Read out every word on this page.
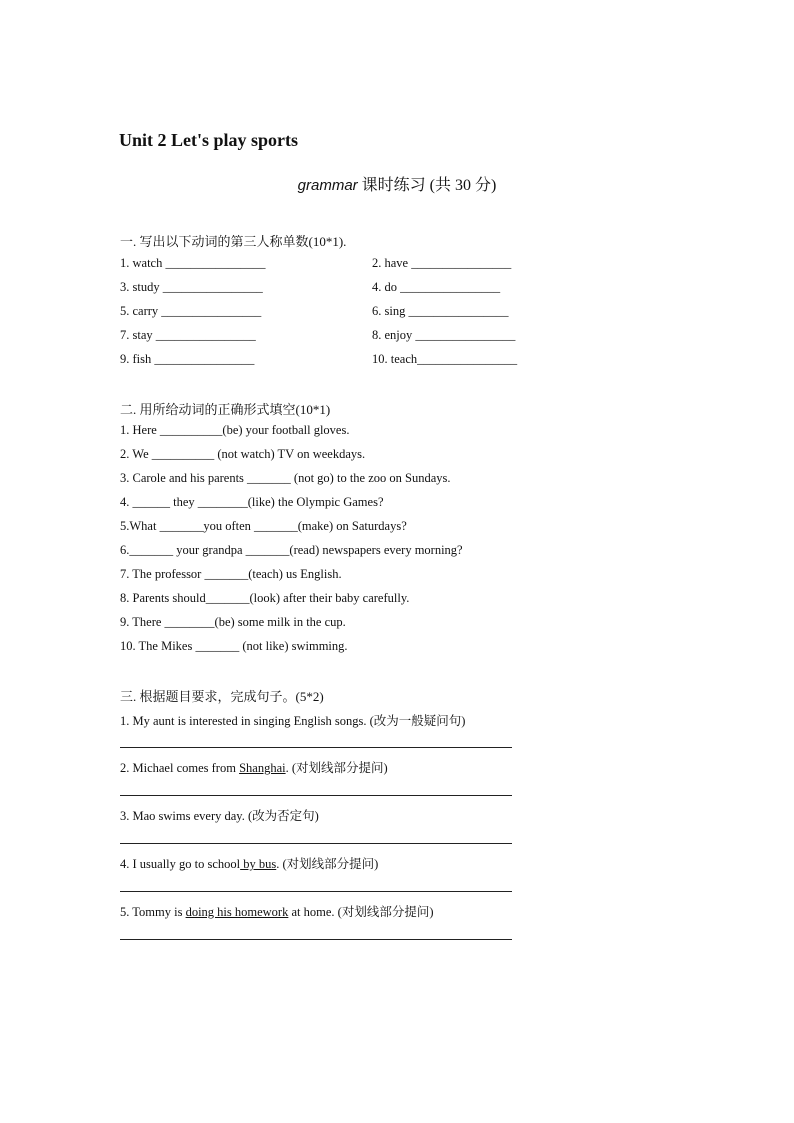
Unit 2 Let's play sports
grammar 课时练习 (共 30 分)
一. 写出以下动词的第三人称单数(10*1).
1. watch ________________	2. have ________________
3. study ________________	4. do ________________
5. carry ________________	6. sing ________________
7. stay ________________	8. enjoy ________________
9. fish ________________	10. teach________________
二. 用所给动词的正确形式填空(10*1)
1. Here __________(be) your football gloves.
2. We __________ (not watch) TV on weekdays.
3. Carole and his parents _______ (not go) to the zoo on Sundays.
4. ______ they ________(like) the Olympic Games?
5.What _______you often _______(make) on Saturdays?
6._______ your grandpa _______(read) newspapers every morning?
7. The professor _______(teach) us English.
8. Parents should_______(look) after their baby carefully.
9. There ________(be) some milk in the cup.
10. The Mikes _______ (not like) swimming.
三. 根据题目要求，完成句子。(5*2)
1. My aunt is interested in singing English songs. (改为一般疑问句)
2. Michael comes from Shanghai. (对划线部分提问)
3. Mao swims every day. (改为否定句)
4. I usually go to school by bus. (对划线部分提问)
5. Tommy is doing his homework at home. (对划线部分提问)
